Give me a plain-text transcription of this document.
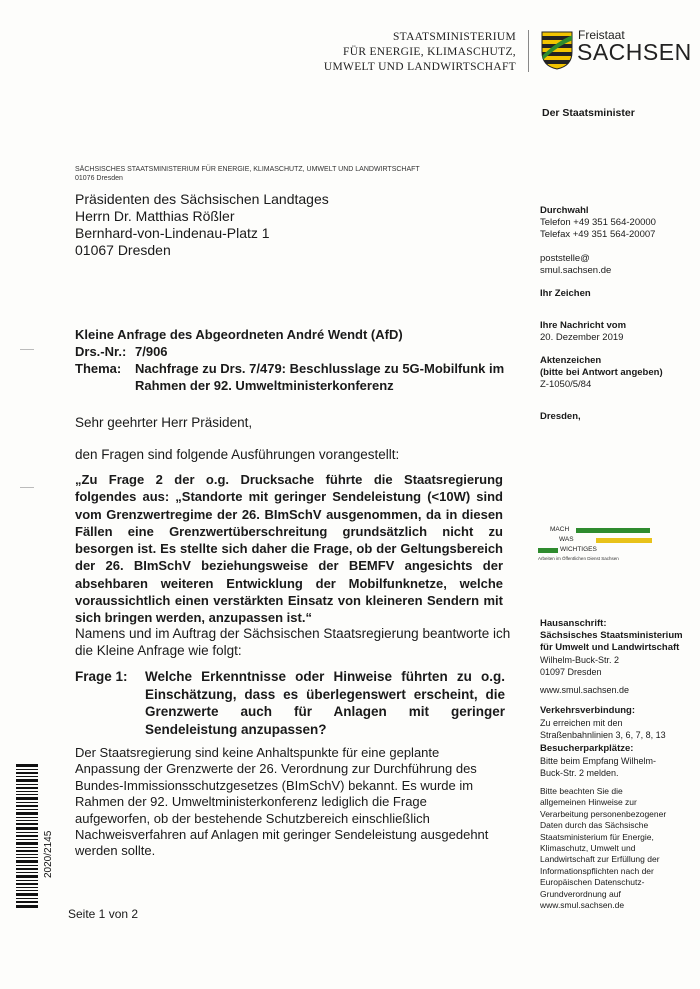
STAATSMINISTERIUM
FÜR ENERGIE, KLIMASCHUTZ,
UMWELT UND LANDWIRTSCHAFT
Freistaat
SACHSEN
Der Staatsminister
SÄCHSISCHES STAATSMINISTERIUM FÜR ENERGIE, KLIMASCHUTZ, UMWELT UND LANDWIRTSCHAFT
01076 Dresden
Präsidenten des Sächsischen Landtages
Herrn Dr. Matthias Rößler
Bernhard-von-Lindenau-Platz 1
01067 Dresden
Durchwahl
Telefon +49 351 564-20000
Telefax +49 351 564-20007
poststelle@
smul.sachsen.de
Ihr Zeichen
Ihre Nachricht vom
20. Dezember 2019
Aktenzeichen
(bitte bei Antwort angeben)
Z-1050/5/84
Dresden,
MACH
WAS
WICHTIGES
Arbeiten im Öffentlichen Dienst Sachsen
Hausanschrift:
Sächsisches Staatsministerium
für Umwelt und Landwirtschaft
Wilhelm-Buck-Str. 2
01097 Dresden
www.smul.sachsen.de
Verkehrsverbindung:
Zu erreichen mit den
Straßenbahnlinien 3, 6, 7, 8, 13
Besucherparkplätze:
Bitte beim Empfang Wilhelm-
Buck-Str. 2 melden.
Bitte beachten Sie die
allgemeinen Hinweise zur
Verarbeitung personenbezogener
Daten durch das Sächsische
Staatsministerium für Energie,
Klimaschutz, Umwelt und
Landwirtschaft zur Erfüllung der
Informationspflichten nach der
Europäischen Datenschutz-
Grundverordnung auf
www.smul.sachsen.de
Kleine Anfrage des Abgeordneten André Wendt (AfD)
Drs.-Nr.: 7/906
Thema:	Nachfrage zu Drs. 7/479: Beschlusslage zu 5G-Mobilfunk im Rahmen der 92. Umweltministerkonferenz
Sehr geehrter Herr Präsident,
den Fragen sind folgende Ausführungen vorangestellt:
„Zu Frage 2 der o.g. Drucksache führte die Staatsregierung folgendes aus: „Standorte mit geringer Sendeleistung (<10W) sind vom Grenzwertregime der 26. BImSchV ausgenommen, da in diesen Fällen eine Grenzwertüberschreitung grundsätzlich nicht zu besorgen ist. Es stellte sich daher die Frage, ob der Geltungsbereich der 26. BImSchV beziehungsweise der BEMFV angesichts der absehbaren weiteren Entwicklung der Mobilfunknetze, welche voraussichtlich einen verstärkten Einsatz von kleineren Sendern mit sich bringen werden, anzupassen ist.“
Namens und im Auftrag der Sächsischen Staatsregierung beantworte ich die Kleine Anfrage wie folgt:
Frage 1:	Welche Erkenntnisse oder Hinweise führten zu o.g. Einschätzung, dass es überlegenswert erscheint, die Grenzwerte auch für Anlagen mit geringer Sendeleistung anzupassen?
Der Staatsregierung sind keine Anhaltspunkte für eine geplante Anpassung der Grenzwerte der 26. Verordnung zur Durchführung des Bundes-Immissionsschutzgesetzes (BImSchV) bekannt. Es wurde im Rahmen der 92. Umweltministerkonferenz lediglich die Frage aufgeworfen, ob der bestehende Schutzbereich einschließlich Nachweisverfahren auf Anlagen mit geringer Sendeleistung ausgedehnt werden sollte.
2020/2145
Seite 1 von 2
